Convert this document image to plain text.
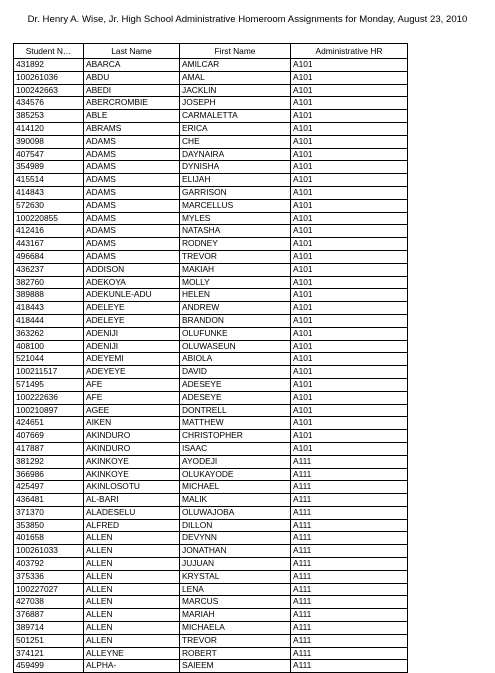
Dr. Henry A. Wise, Jr. High School Administrative Homeroom Assignments for Monday, August 23, 2010
Student N…	Last Name	First Name	Administrative HR
431892	ABARCA	AMILCAR	A101
100261036	ABDU	AMAL	A101
100242663	ABEDI	JACKLIN	A101
434576	ABERCROMBIE	JOSEPH	A101
385253	ABLE	CARMALETTA	A101
414120	ABRAMS	ERICA	A101
390098	ADAMS	CHE	A101
407547	ADAMS	DAYNAIRA	A101
354989	ADAMS	DYNISHA	A101
415514	ADAMS	ELIJAH	A101
414843	ADAMS	GARRISON	A101
572630	ADAMS	MARCELLUS	A101
100220855	ADAMS	MYLES	A101
412416	ADAMS	NATASHA	A101
443167	ADAMS	RODNEY	A101
496684	ADAMS	TREVOR	A101
436237	ADDISON	MAKIAH	A101
382760	ADEKOYA	MOLLY	A101
389888	ADEKUNLE-ADU	HELEN	A101
418443	ADELEYE	ANDREW	A101
418444	ADELEYE	BRANDON	A101
363262	ADENIJI	OLUFUNKE	A101
408100	ADENIJI	OLUWASEUN	A101
521044	ADEYEMI	ABIOLA	A101
100211517	ADEYEYE	DAVID	A101
571495	AFE	ADESEYE	A101
100222636	AFE	ADESEYE	A101
100210897	AGEE	DONTRELL	A101
424651	AIKEN	MATTHEW	A101
407669	AKINDURO	CHRISTOPHER	A101
417887	AKINDURO	ISAAC	A101
381292	AKINKOYE	AYODEJI	A111
366986	AKINKOYE	OLUKAYODE	A111
425497	AKINLOSOTU	MICHAEL	A111
436481	AL-BARI	MALIK	A111
371370	ALADESELU	OLUWAJOBA	A111
353850	ALFRED	DILLON	A111
401658	ALLEN	DEVYNN	A111
100261033	ALLEN	JONATHAN	A111
403792	ALLEN	JUJUAN	A111
375336	ALLEN	KRYSTAL	A111
100227027	ALLEN	LENA	A111
427038	ALLEN	MARCUS	A111
376887	ALLEN	MARIAH	A111
389714	ALLEN	MICHAELA	A111
501251	ALLEN	TREVOR	A111
374121	ALLEYNE	ROBERT	A111
459499	ALPHA-	SAIEEM	A111
